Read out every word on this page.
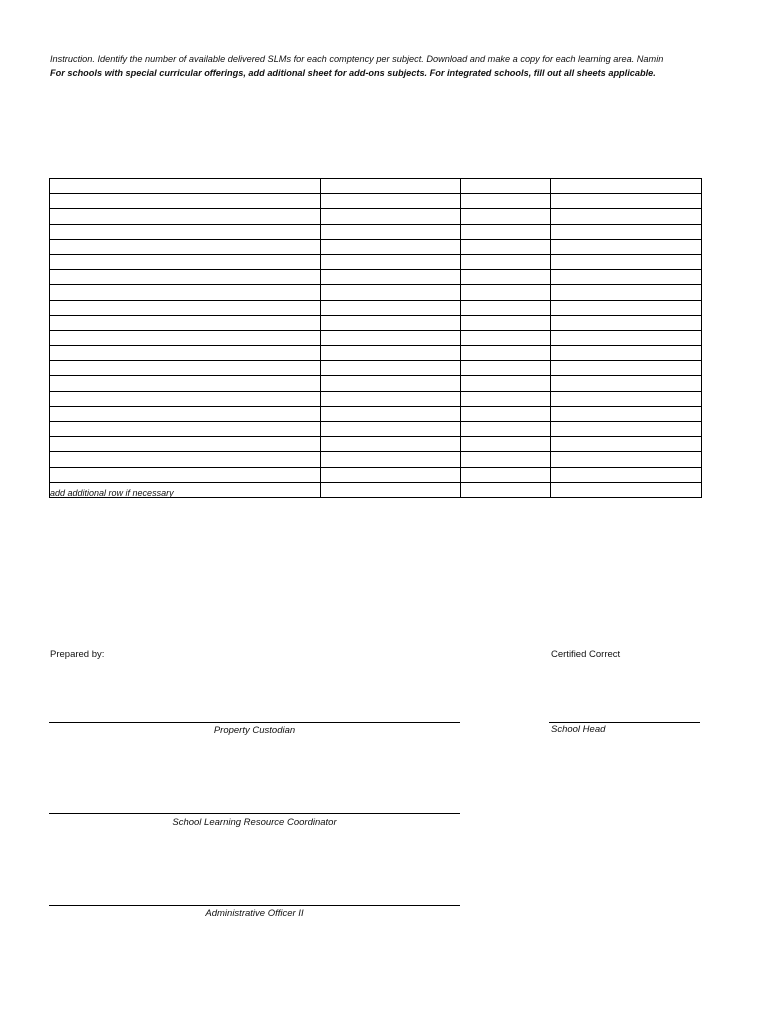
Instruction. Identify the number of available delivered SLMs for each comptency per subject. Download and make a copy for each learning area. Namin
For schools with special curricular offerings, add aditional sheet for add-ons subjects. For integrated schools, fill out all sheets applicable.

add additional row if necessary
Prepared by:	Certified Correct
Property Custodian	School Head
School Learning Resource Coordinator
Administrative Officer II
